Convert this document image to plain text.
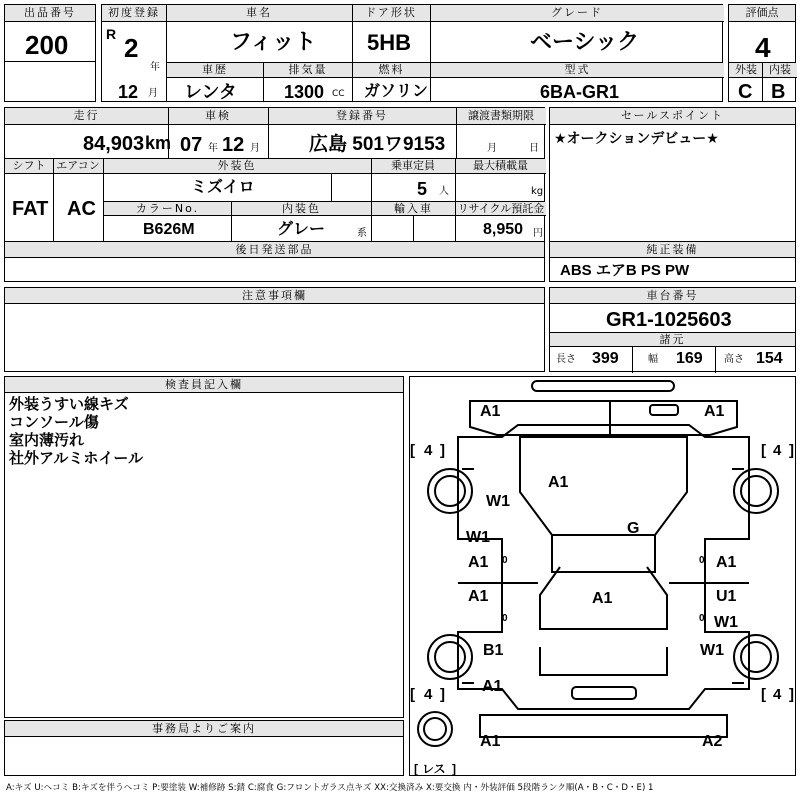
出品番号
200
初度登録	車名	ドア形状	グレード
車歴	排気量	燃料	型式
R 2
年
12 月
フィット 5HB	ベーシック
レンタ	1300 CC ガソリン	6BA-GR1
評価点
4
外装	内装
C B
走行	車検	登録番号	譲渡書類期限
84,903 km 07 年 12 月	広島 501ワ9153	月	日
シフト エアコン	外装色	乗車定員	最大積載量
FAT AC
ミズイロ	5 人	kg
カラーNo.	内装色	輸入車	リサイクル預託金
B626M	グレー	系	8,950 円
セールスポイント
★オークションデビュー★
後日発送部品	純正装備
ABS エアB PS PW
注意事項欄	車台番号
GR1-1025603
諸元
長さ 399	幅 169 高さ 154
検査員記入欄
外装うすい線キズ
コンソール傷
室内薄汚れ
社外アルミホイール
事務局よりご案内
A1	A1
W1
A1
G
W1
A1	A1
A1	A1	U1
W1
B1	W1
A1
A1	A2
0
0
0
0
[ 4 ]	[ 4 ]
[ 4 ]	[ 4 ]
[ レス ]
A:キズ U:ヘコミ B:キズを伴うヘコミ P:要塗装 W:補修跡 S:錆 C:腐食 G:フロントガラス点キズ XX:交換済み X:要交換 内・外装評価 5段階ランク順(A・B・C・D・E) 1
